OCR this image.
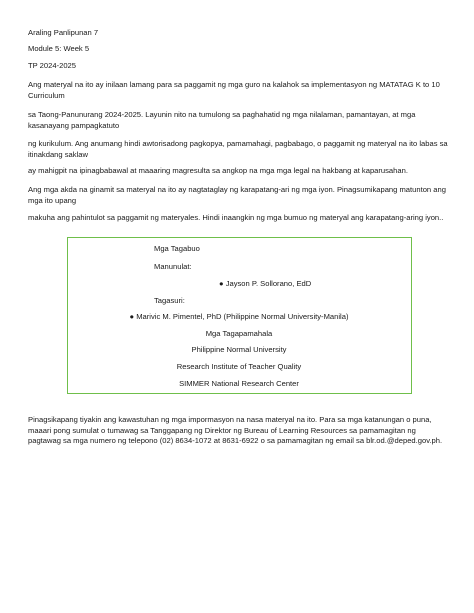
Araling Panlipunan 7
Module 5: Week 5
TP 2024-2025
Ang materyal na ito ay inilaan lamang para sa paggamit ng mga guro na kalahok sa implementasyon ng MATATAG K to 10 Curriculum
sa Taong-Panunurang 2024-2025. Layunin nito na tumulong sa paghahatid ng mga nilalaman, pamantayan, at mga kasanayang pampagkatuto
ng kurikulum. Ang anumang hindi awtorisadong pagkopya, pamamahagi, pagbabago, o paggamit ng materyal na ito labas sa itinakdang saklaw
ay mahigpit na ipinagbabawal at maaaring magresulta sa angkop na mga mga legal na hakbang at kaparusahan.
Ang mga akda na ginamit sa materyal na ito ay nagtataglay ng karapatang-ari ng mga iyon. Pinagsumikapang matunton ang mga ito upang
makuha ang pahintulot sa paggamit ng materyales. Hindi inaangkin ng mga bumuo ng materyal ang karapatang-aring iyon..
Mga Tagabuo
Manunulat:
● Jayson P. Sollorano, EdD
Tagasuri:
● Marivic M. Pimentel, PhD (Philippine Normal University-Manila)
Mga Tagapamahala
Philippine Normal University
Research Institute of Teacher Quality
SIMMER National Research Center
Pinagsikapang tiyakin ang kawastuhan ng mga impormasyon na nasa materyal na ito. Para sa mga katanungan o puna, maaari pong sumulat o tumawag sa Tanggapang ng Direktor ng Bureau of Learning Resources sa pamamagitan ng pagtawag sa mga numero ng telepono (02) 8634-1072 at 8631-6922 o sa pamamagitan ng email sa blr.od.@deped.gov.ph.
